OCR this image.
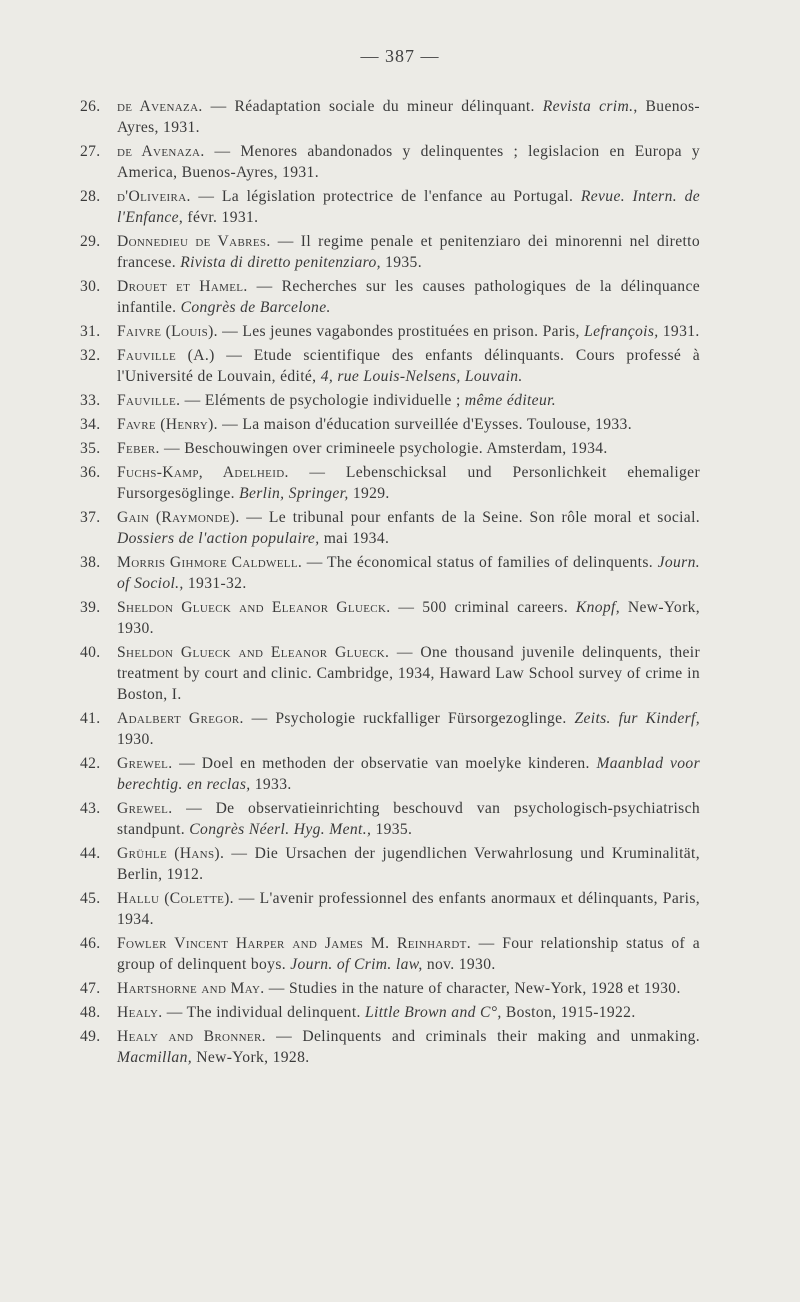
— 387 —
26. de Avenaza. — Réadaptation sociale du mineur délinquant. Revista crim., Buenos-Ayres, 1931.
27. de Avenaza. — Menores abandonados y delinquentes ; legislacion en Europa y America, Buenos-Ayres, 1931.
28. d'Oliveira. — La législation protectrice de l'enfance au Portugal. Revue. Intern. de l'Enfance, févr. 1931.
29. Donnedieu de Vabres. — Il regime penale et penitenziaro dei minorenni nel diretto francese. Rivista di diretto penitenziaro, 1935.
30. Drouet et Hamel. — Recherches sur les causes pathologiques de la délinquance infantile. Congrès de Barcelone.
31. Faivre (Louis). — Les jeunes vagabondes prostituées en prison. Paris, Lefrançois, 1931.
32. Fauville (A.) — Etude scientifique des enfants délinquants. Cours professé à l'Université de Louvain, édité, 4, rue Louis-Nelsens, Louvain.
33. Fauville. — Eléments de psychologie individuelle ; même éditeur.
34. Favre (Henry). — La maison d'éducation surveillée d'Eysses. Toulouse, 1933.
35. Feber. — Beschouwingen over crimineele psychologie. Amsterdam, 1934.
36. Fuchs-Kamp, Adelheid. — Lebenschicksal und Personlichkeit ehemaliger Fursorgesöglinge. Berlin, Springer, 1929.
37. Gain (Raymonde). — Le tribunal pour enfants de la Seine. Son rôle moral et social. Dossiers de l'action populaire, mai 1934.
38. Morris Gihmore Caldwell. — The économical status of families of delinquents. Journ. of Sociol., 1931-32.
39. Sheldon Glueck and Eleanor Glueck. — 500 criminal careers. Knopf, New-York, 1930.
40. Sheldon Glueck and Eleanor Glueck. — One thousand juvenile delinquents, their treatment by court and clinic. Cambridge, 1934, Haward Law School survey of crime in Boston, I.
41. Adalbert Gregor. — Psychologie ruckfalliger Fürsorgezoglinge. Zeits. fur Kinderf, 1930.
42. Grewel. — Doel en methoden der observatie van moelyke kinderen. Maanblad voor berechtig. en reclas, 1933.
43. Grewel. — De observatieinrichting beschouvd van psychologisch-psychiatrisch standpunt. Congrès Néerl. Hyg. Ment., 1935.
44. Grühle (Hans). — Die Ursachen der jugendlichen Verwahrlosung und Kruminalität, Berlin, 1912.
45. Hallu (Colette). — L'avenir professionnel des enfants anormaux et délinquants, Paris, 1934.
46. Fowler Vincent Harper and James M. Reinhardt. — Four relationship status of a group of delinquent boys. Journ. of Crim. law, nov. 1930.
47. Hartshorne and May. — Studies in the nature of character, New-York, 1928 et 1930.
48. Healy. — The individual delinquent. Little Brown and C°, Boston, 1915-1922.
49. Healy and Bronner. — Delinquents and criminals their making and unmaking. Macmillan, New-York, 1928.
